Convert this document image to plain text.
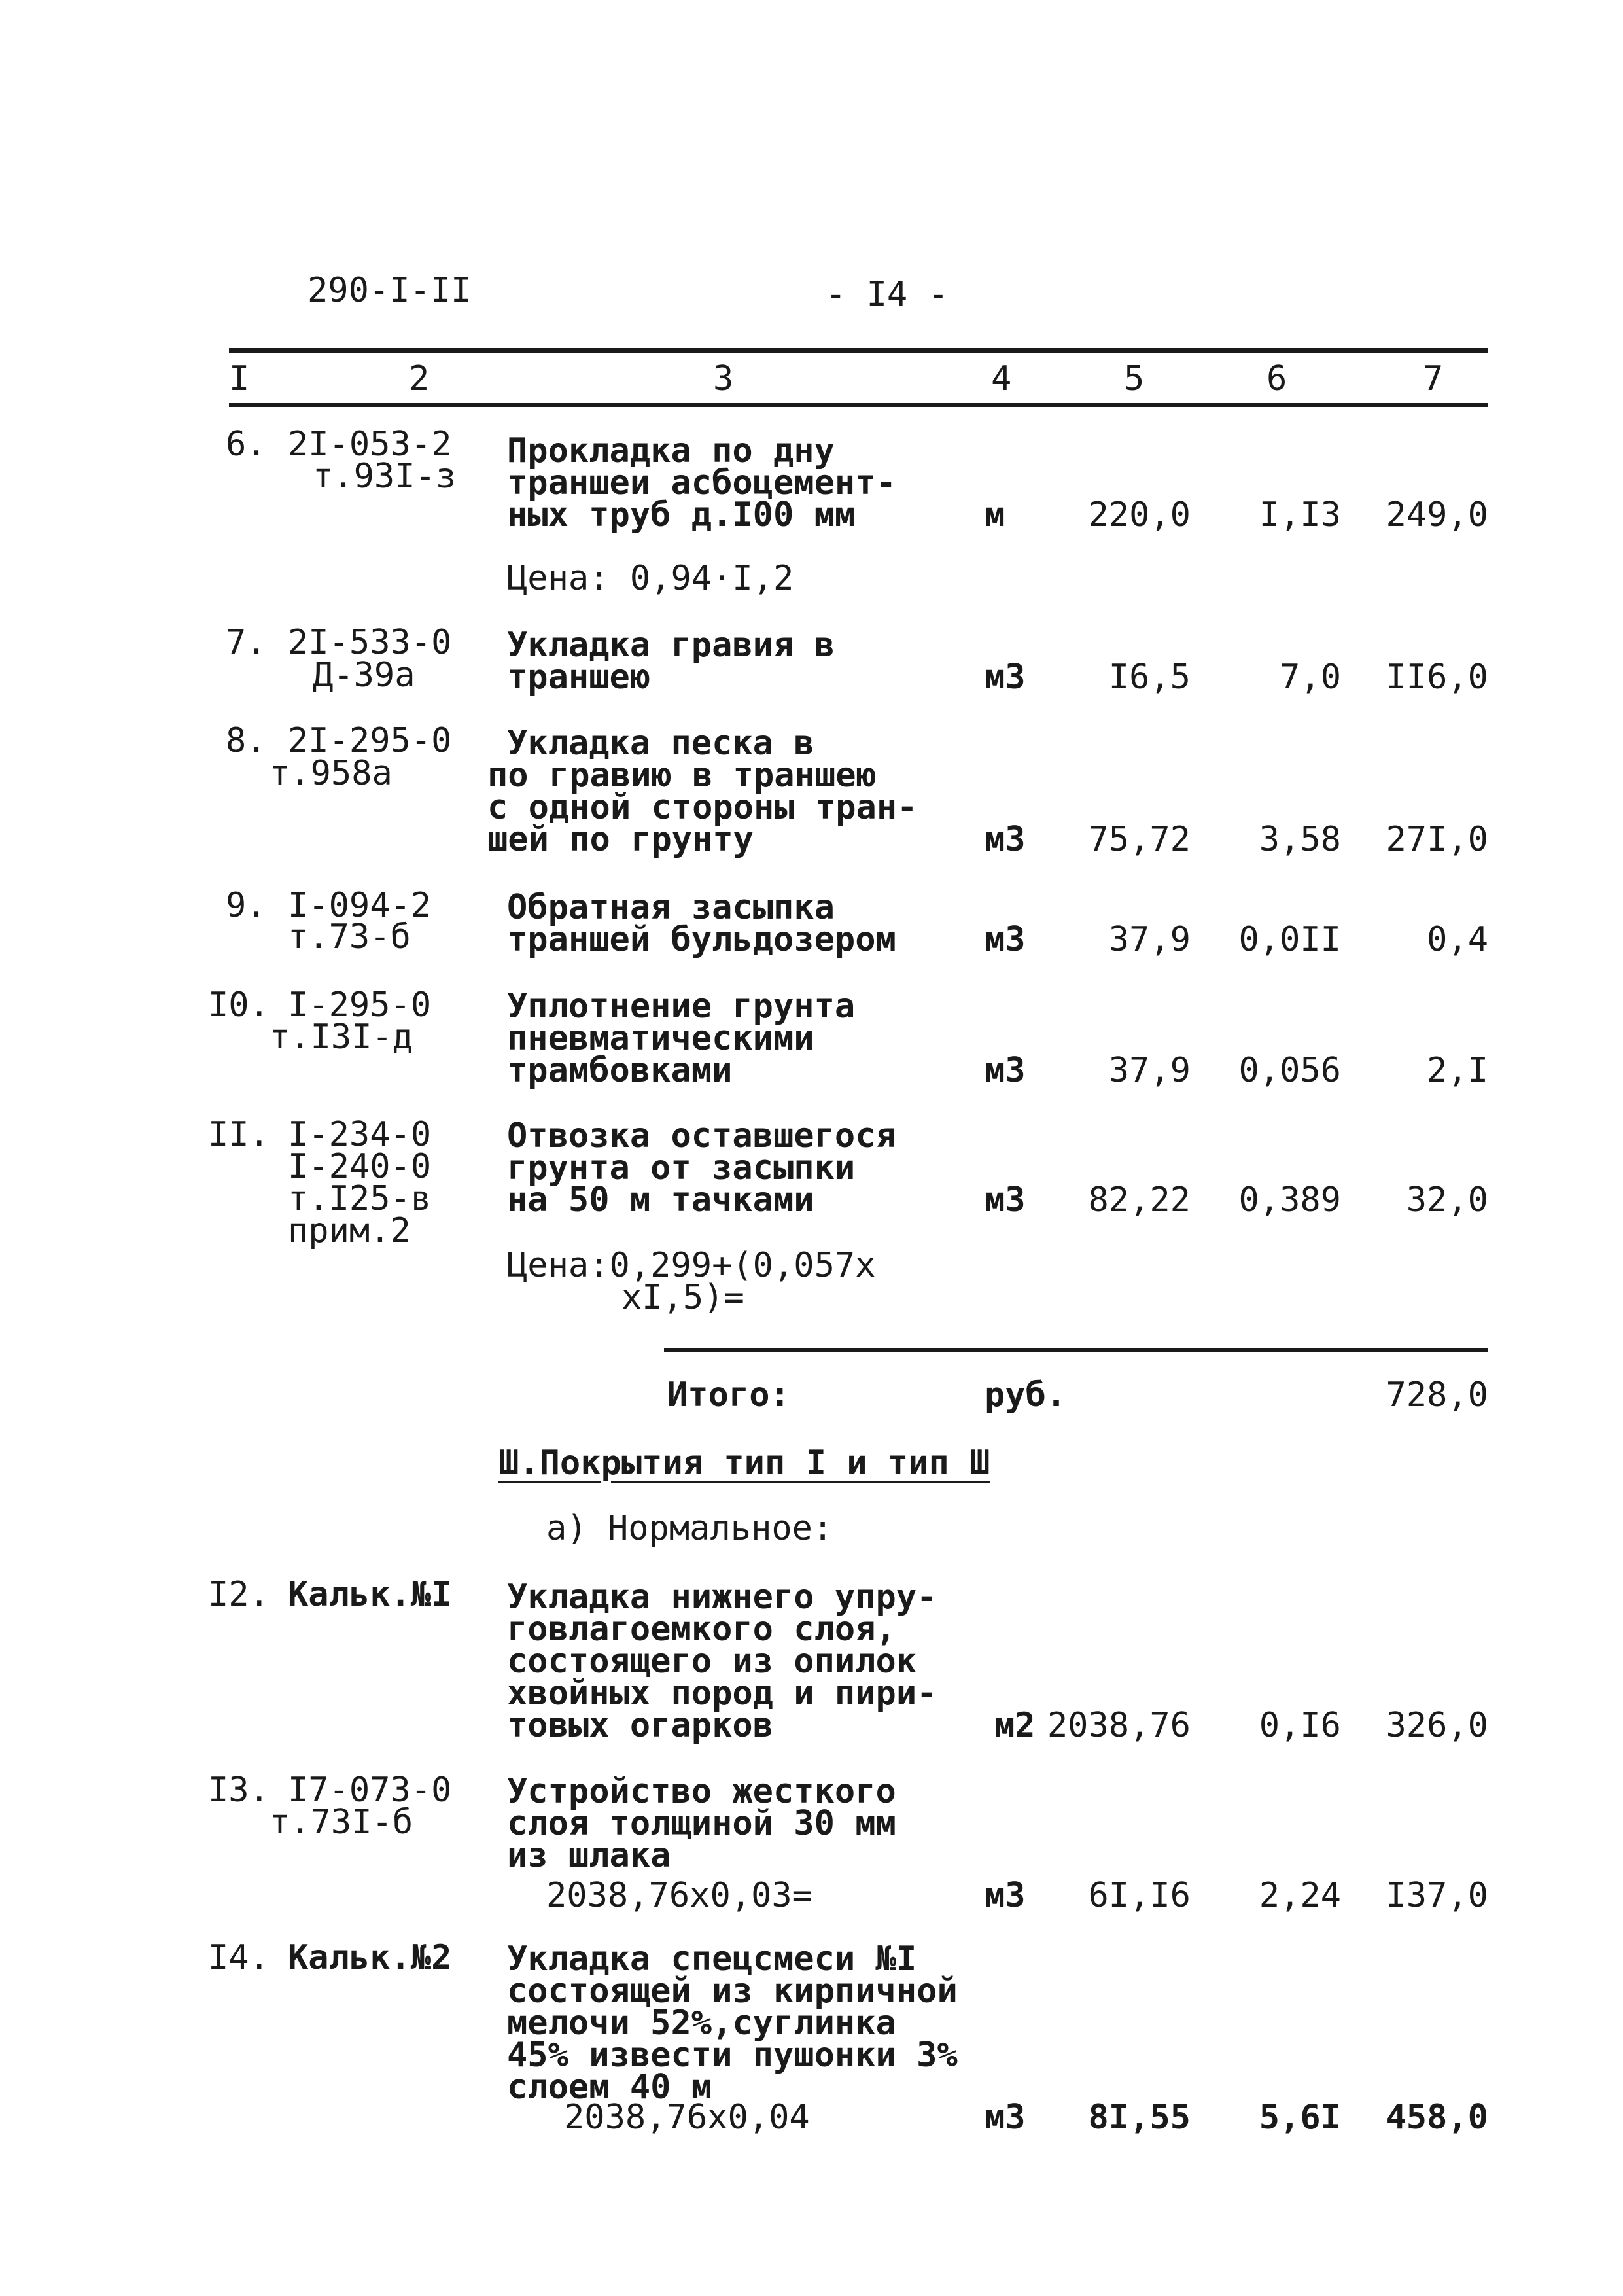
290-I-II	- I4 -
I	2	3	4	5	6	7
6. 2I-053-2
т.93I-з
Прокладка по дну
траншеи асбоцемент-
ных труб д.I00 мм	м	220,0	I,I3	249,0
Цена: 0,94·I,2
7. 2I-533-0
Д-39а
Укладка гравия в
траншею	м3	I6,5	7,0	II6,0
8. 2I-295-0
т.958а
Укладка песка в
по гравию в траншею
с одной стороны тран-
шей по грунту	м3	75,72	3,58	27I,0
9. I-094-2
т.73-б
Обратная засыпка
траншей бульдозером	м3	37,9	0,0II	0,4
I0. I-295-0
т.I3I-д
Уплотнение грунта
пневматическими
трамбовками	м3	37,9	0,056	2,I
II. I-234-0
I-240-0
т.I25-в
прим.2
Отвозка оставшегося
грунта от засыпки
на 50 м тачками	м3	82,22	0,389	32,0
Цена:0,299+(0,057х
хI,5)=
Итого:	руб.	728,0
Ш.Покрытия тип I и тип Ш
а) Нормальное:
I2. Кальк.№I Укладка нижнего упру-
говлагоемкого слоя,
состоящего из опилок
хвойных пород и пири-
товых огарков	м2 2038,76	0,I6	326,0
I3. I7-073-0
т.73I-б
Устройство жесткого
слоя толщиной 30 мм
из шлака
2038,76х0,03=	м3	6I,I6	2,24	I37,0
I4. Кальк.№2 Укладка спецсмеси №I
состоящей из кирпичной
мелочи 52%,суглинка
45% извести пушонки 3%
слоем 40 м
2038,76х0,04	м3	8I,55	5,6I	458,0
